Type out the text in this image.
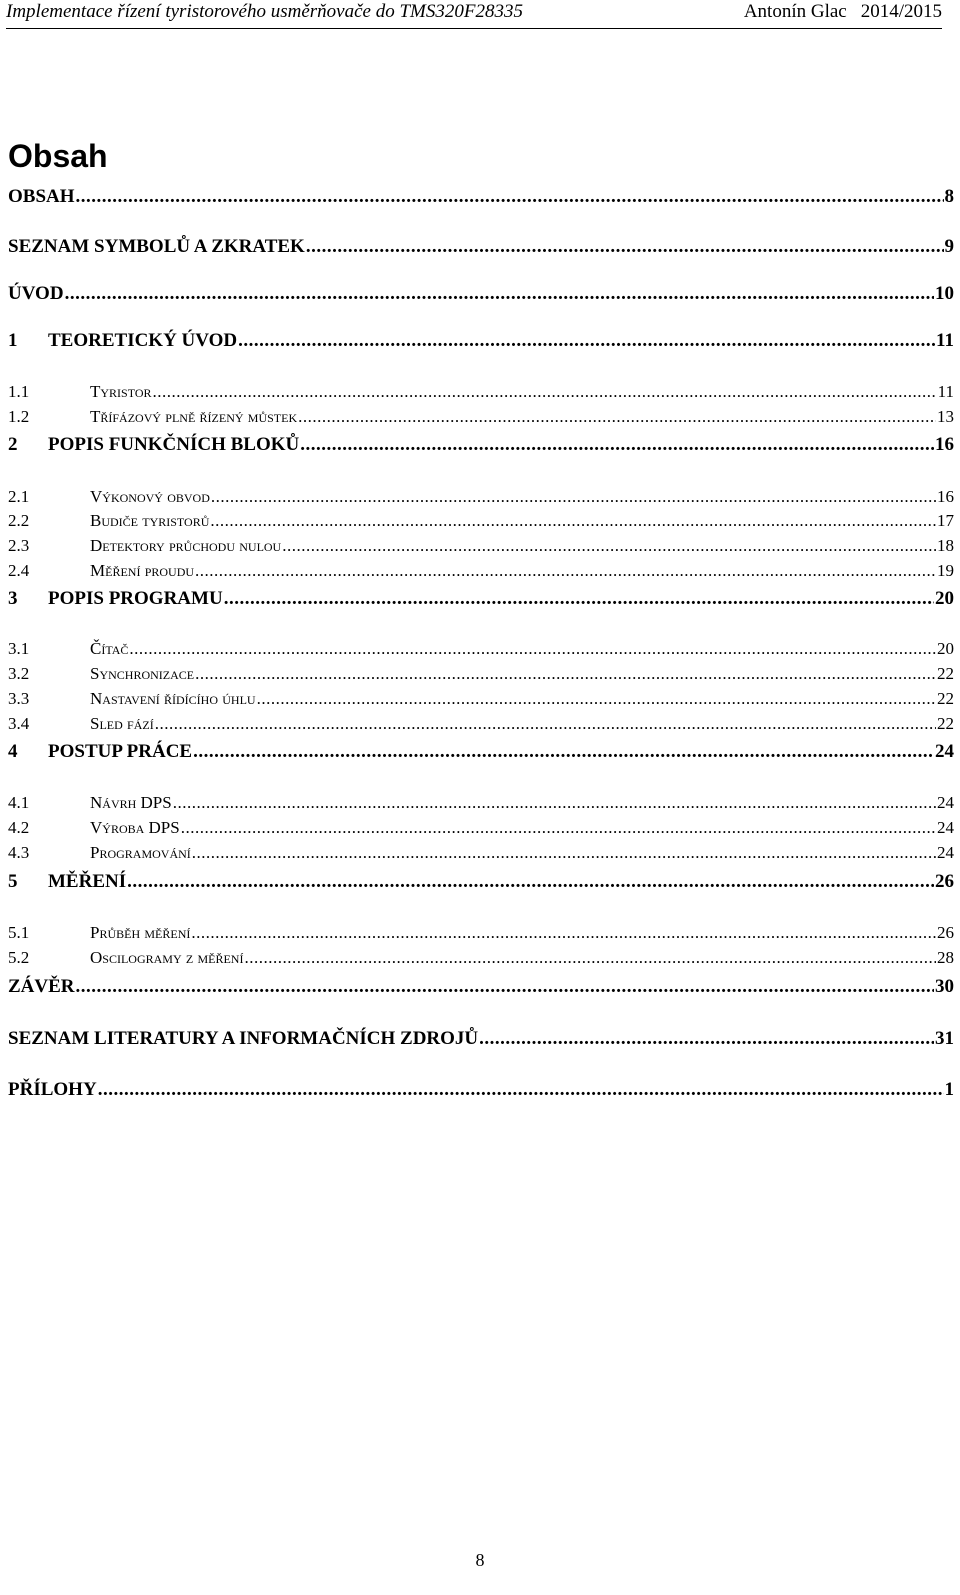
Implementace řízení tyristorového usměrňovače do TMS320F28335	Antonín Glac 2014/2015
Obsah
OBSAH .....	8
SEZNAM SYMBOLŮ A ZKRATEK .....	9
ÚVOD .....	10
1	TEORETICKÝ ÚVOD .....	11
1.1	Tyristor .....	11
1.2	Třífázový plně řízený můstek .....	13
2	POPIS FUNKČNÍCH BLOKŮ .....	16
2.1	Výkonový obvod .....	16
2.2	Budiče tyristorů .....	17
2.3	Detektory průchodu nulou .....	18
2.4	Měření proudu .....	19
3	POPIS PROGRAMU .....	20
3.1	Čítač .....	20
3.2	Synchronizace .....	22
3.3	Nastavení řídícího úhlu .....	22
3.4	Sled fází .....	22
4	POSTUP PRÁCE .....	24
4.1	Návrh DPS .....	24
4.2	Výroba DPS .....	24
4.3	Programování .....	24
5	MĚŘENÍ .....	26
5.1	Průběh měření .....	26
5.2	Oscilogramy z měření .....	28
ZÁVĚR .....	30
SEZNAM LITERATURY A INFORMAČNÍCH ZDROJŮ .....	31
PŘÍLOHY .....	1
8
